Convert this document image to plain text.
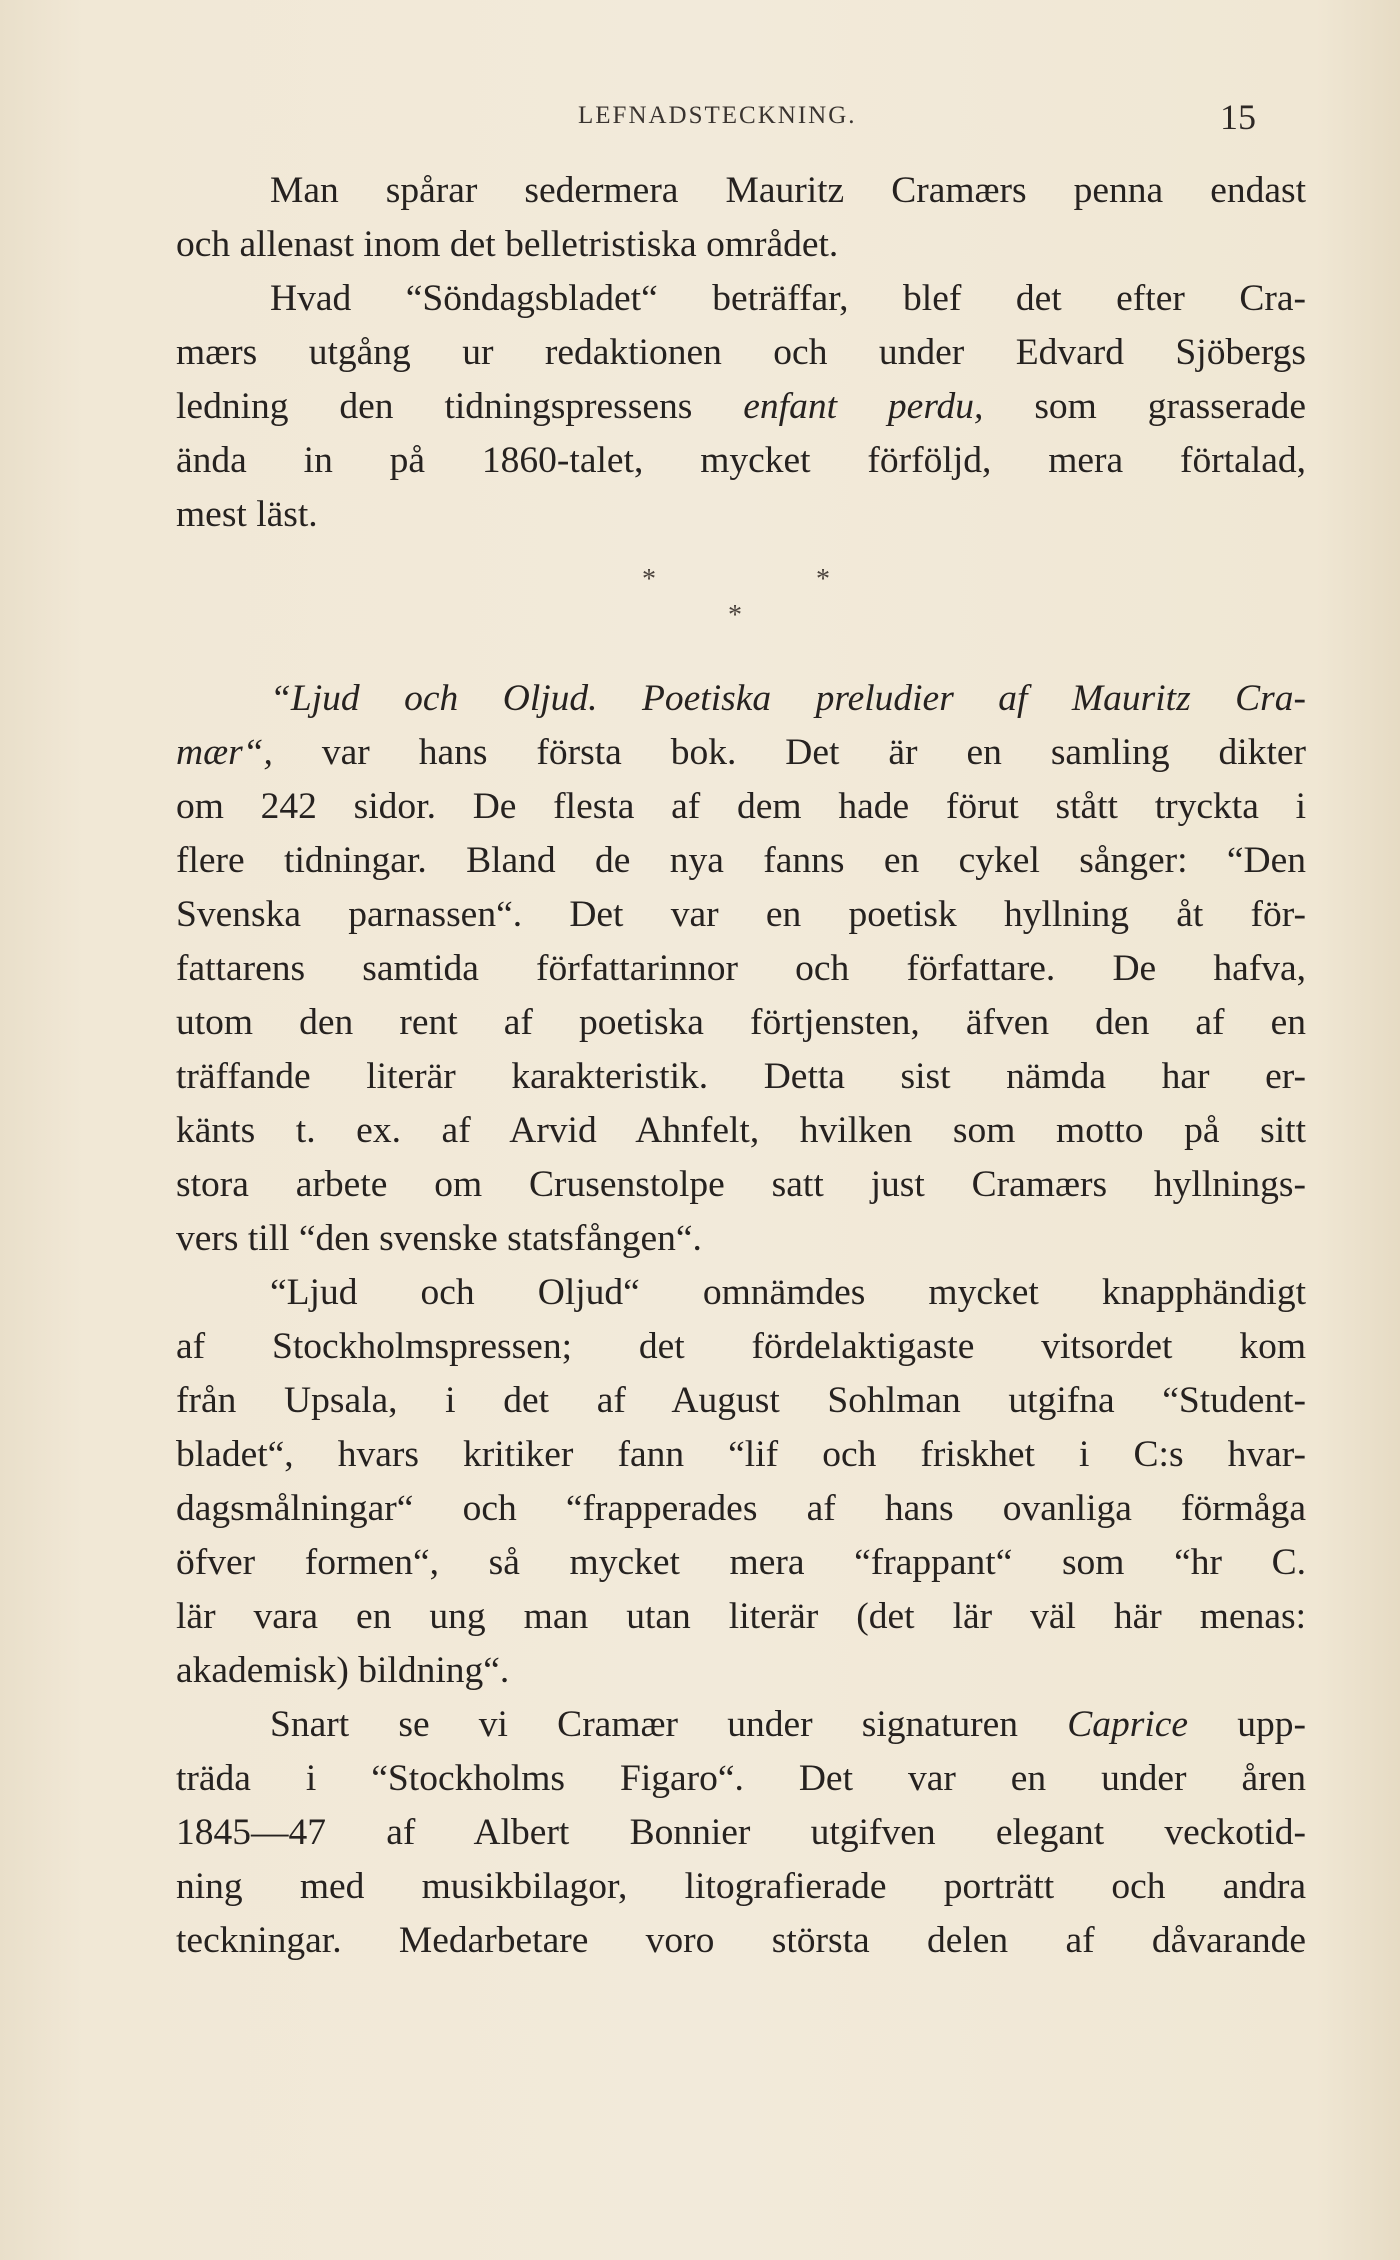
LEFNADSTECKNING.	15

Man spårar sedermera Mauritz Cramærs penna endast
och allenast inom det belletristiska området.

Hvad “Söndagsbladet“ beträffar, blef det efter Cra-
mærs utgång ur redaktionen och under Edvard Sjöbergs
ledning den tidningspressens enfant perdu, som grasserade
ända in på 1860-talet, mycket förföljd, mera förtalad,
mest läst.

*	*
*

“Ljud och Oljud. Poetiska preludier af Mauritz Cra-
mær“, var hans första bok. Det är en samling dikter
om 242 sidor. De flesta af dem hade förut stått tryckta i
flere tidningar. Bland de nya fanns en cykel sånger: “Den
Svenska parnassen“. Det var en poetisk hyllning åt för-
fattarens samtida författarinnor och författare. De hafva,
utom den rent af poetiska förtjensten, äfven den af en
träffande literär karakteristik. Detta sist nämda har er-
känts t. ex. af Arvid Ahnfelt, hvilken som motto på sitt
stora arbete om Crusenstolpe satt just Cramærs hyllnings-
vers till “den svenske statsfången“.

“Ljud och Oljud“ omnämdes mycket knapphändigt
af Stockholmspressen; det fördelaktigaste vitsordet kom
från Upsala, i det af August Sohlman utgifna “Student-
bladet“, hvars kritiker fann “lif och friskhet i C:s hvar-
dagsmålningar“ och “frapperades af hans ovanliga förmåga
öfver formen“, så mycket mera “frappant“ som “hr C.
lär vara en ung man utan literär (det lär väl här menas:
akademisk) bildning“.

Snart se vi Cramær under signaturen Caprice upp-
träda i “Stockholms Figaro“. Det var en under åren
1845—47 af Albert Bonnier utgifven elegant veckotid-
ning med musikbilagor, litografierade porträtt och andra
teckningar. Medarbetare voro största delen af dåvarande
